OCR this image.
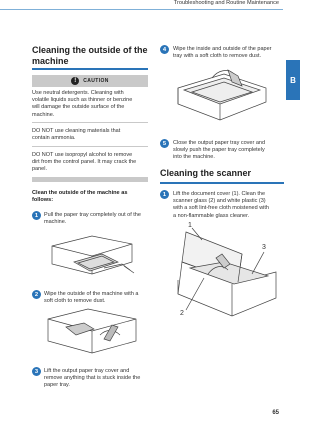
Troubleshooting and Routine Maintenance
B
65
Cleaning the outside of the
machine
!	CAUTION
Use neutral detergents. Cleaning with
volatile liquids such as thinner or benzine
will damage the outside surface of the
machine.
DO NOT use cleaning materials that
contain ammonia.
DO NOT use isopropyl alcohol to remove
dirt from the control panel. It may crack the
panel.
Clean the outside of the machine as
follows:
1	Pull the paper tray completely out of the
machine.
2	Wipe the outside of the machine with a
soft cloth to remove dust.
3	Lift the output paper tray cover and
remove anything that is stuck inside the
paper tray.
4	Wipe the inside and outside of the paper
tray with a soft cloth to remove dust.
5	Close the output paper tray cover and
slowly push the paper tray completely
into the machine.
Cleaning the scanner
1	Lift the document cover (1). Clean the
scanner glass (2) and white plastic (3)
with a soft lint-free cloth moistened with
a non-flammable glass cleaner.
1
2
3
